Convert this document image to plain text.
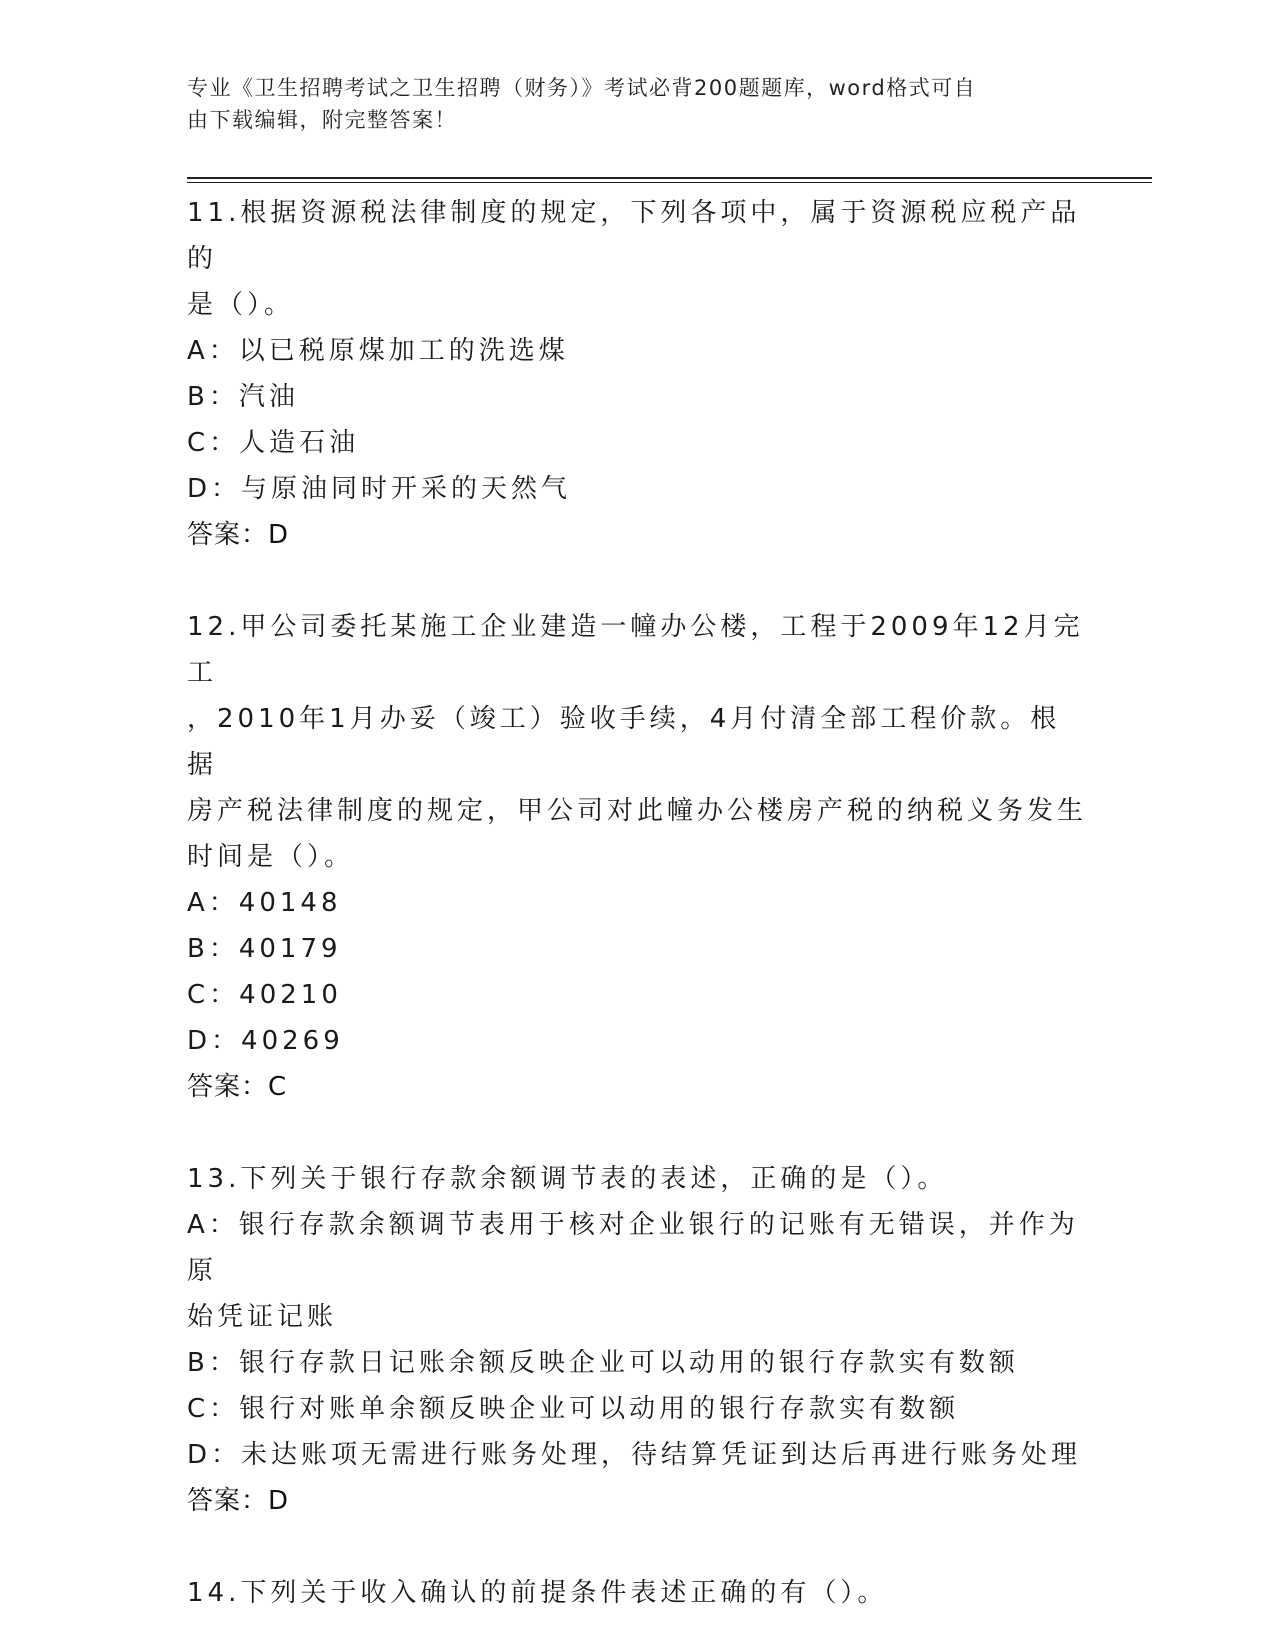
专业《卫生招聘考试之卫生招聘（财务）》考试必背200题题库，word格式可自
由下载编辑，附完整答案！
11.根据资源税法律制度的规定，下列各项中，属于资源税应税产品的
是（）。
A：以已税原煤加工的洗选煤
B：汽油
C：人造石油
D：与原油同时开采的天然气
答案：D
12.甲公司委托某施工企业建造一幢办公楼，工程于2009年12月完工
，2010年1月办妥（竣工）验收手续，4月付清全部工程价款。根据
房产税法律制度的规定，甲公司对此幢办公楼房产税的纳税义务发生
时间是（）。
A：40148
B：40179
C：40210
D：40269
答案：C
13.下列关于银行存款余额调节表的表述，正确的是（）。
A：银行存款余额调节表用于核对企业银行的记账有无错误，并作为原
始凭证记账
B：银行存款日记账余额反映企业可以动用的银行存款实有数额
C：银行对账单余额反映企业可以动用的银行存款实有数额
D：未达账项无需进行账务处理，待结算凭证到达后再进行账务处理
答案：D
14.下列关于收入确认的前提条件表述正确的有（）。
